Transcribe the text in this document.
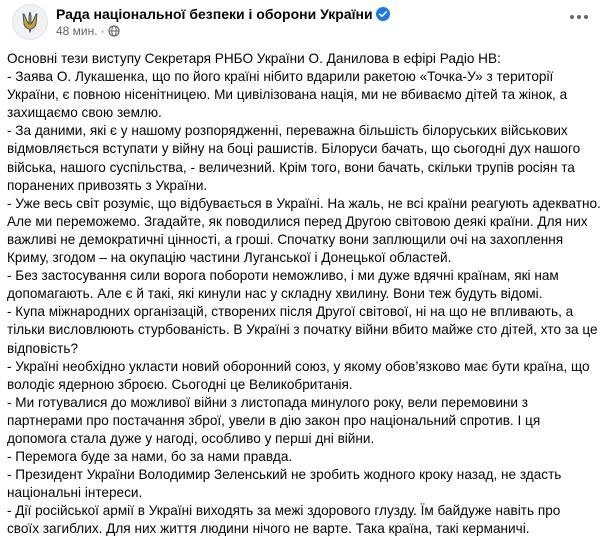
Рада національної безпеки і оборони України
48 мин. ·

Основні тези виступу Секретаря РНБО України О. Данилова в ефірі Радіо НВ:

- Заява О. Лукашенка, що по його країні нібито вдарили ракетою «Точка-У» з території

України, є повною нісенітницею. Ми цивілізована нація, ми не вбиваємо дітей та жінок, а

захищаємо свою землю.

- За даними, які є у нашому розпорядженні, переважна більшість білоруських військових

відмовляється вступати у війну на боці рашистів. Білоруси бачать, що сьогодні дух нашого

війська, нашого суспільства, - величезний. Крім того, вони бачать, скільки трупів росіян та

поранених привозять з України.

- Уже весь світ розуміє, що відбувається в Україні. На жаль, не всі країни реагують адекватно.

Але ми переможемо. Згадайте, як поводилися перед Другою світовою деякі країни. Для них

важливі не демократичні цінності, а гроші. Спочатку вони заплющили очі на захоплення

Криму, згодом – на окупацію частини Луганської і Донецької областей.

- Без застосування сили ворога побороти неможливо, і ми дуже вдячні країнам, які нам

допомагають. Але є й такі, які кинули нас у складну хвилину. Вони теж будуть відомі.

- Купа міжнародних організацій, створених після Другої світової, ні на що не впливають, а

тільки висловлюють стурбованість. В Україні з початку війни вбито майже сто дітей, хто за це

відповість?

- Україні необхідно укласти новий оборонний союз, у якому обов’язково має бути країна, що

володіє ядерною зброєю. Сьогодні це Великобританія.

- Ми готувалися до можливої війни з листопада минулого року, вели перемовини з

партнерами про постачання зброї, увели в дію закон про національний спротив. І ця

допомога стала дуже у нагоді, особливо у перші дні війни.

- Перемога буде за нами, бо за нами правда.

- Президент України Володимир Зеленський не зробить жодного кроку назад, не здасть

національні інтереси.

- Дії російської армії в Україні виходять за межі здорового глузду. Їм байдуже навіть про

своїх загиблих. Для них життя людини нічого не варте. Така країна, такі керманичі.
